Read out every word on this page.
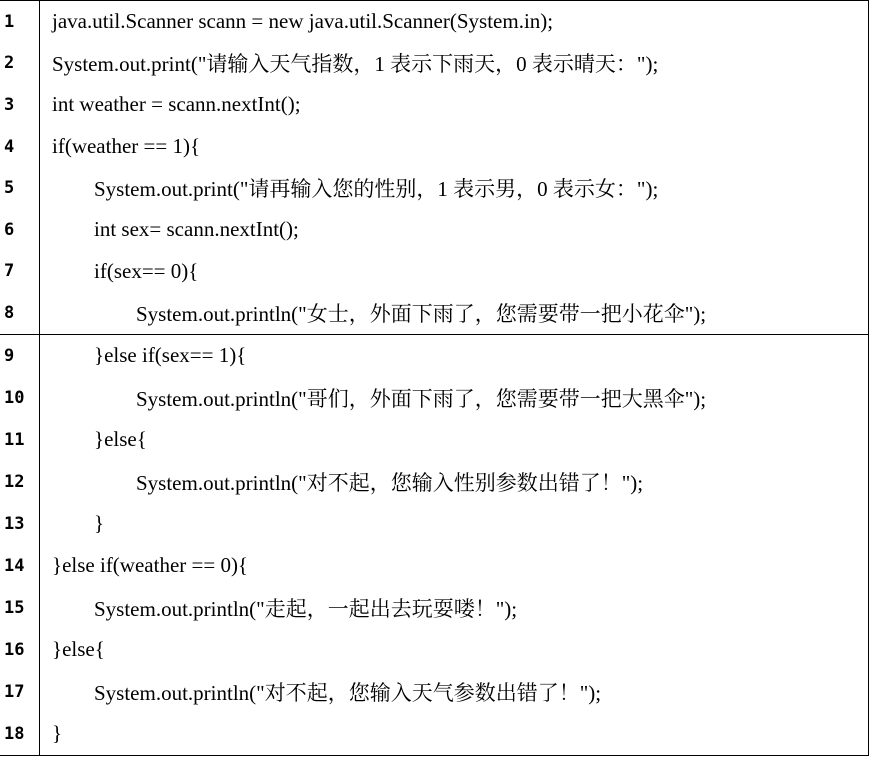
1	java.util.Scanner scann = new java.util.Scanner(System.in);
2	System.out.print("请输入天气指数，1 表示下雨天，0 表示晴天：");
3	int weather = scann.nextInt();
4	if(weather == 1){
5	System.out.print("请再输入您的性别，1 表示男，0 表示女：");
6	int sex= scann.nextInt();
7	if(sex== 0){
8	System.out.println("女士，外面下雨了，您需要带一把小花伞");
9	}else if(sex== 1){
10	System.out.println("哥们，外面下雨了，您需要带一把大黑伞");
11	}else{
12	System.out.println("对不起，您输入性别参数出错了！");
13	}
14	}else if(weather == 0){
15	System.out.println("走起，一起出去玩耍喽！");
16	}else{
17	System.out.println("对不起，您输入天气参数出错了！");
18	}
